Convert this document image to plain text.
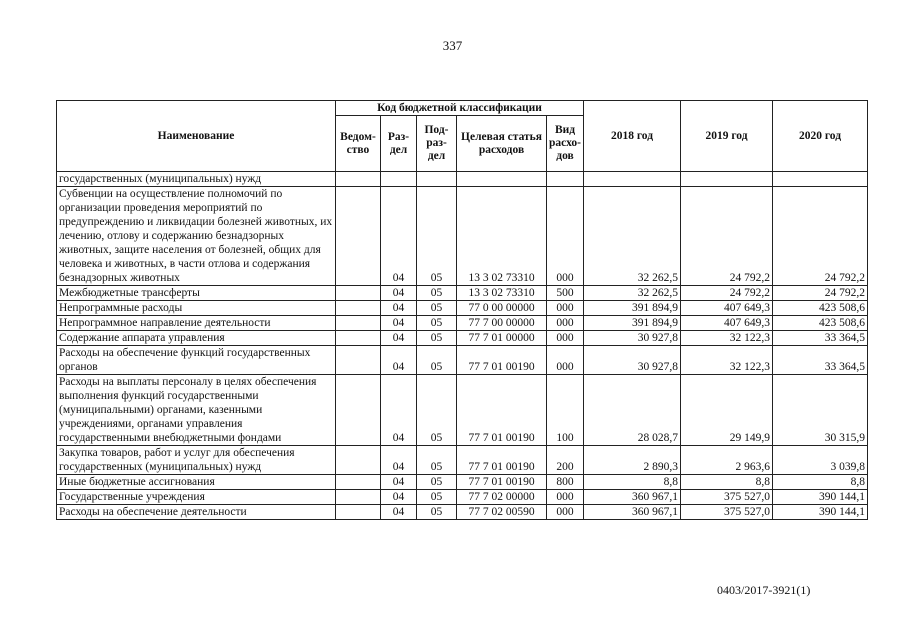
337
Наименование	Код бюджетной классификации					2018 год	2019 год	2020 год
	Ведом-ство	Раз-дел	Под-раз-дел	Целевая статья расходов	Вид расхо-дов			
государственных (муниципальных) нужд								
Субвенции на осуществление полномочий по организации проведения мероприятий по предупреждению и ликвидации болезней животных, их лечению, отлову и содержанию безнадзорных животных, защите населения от болезней, общих для человека и животных, в части отлова и содержания безнадзорных животных		04	05	13 3 02 73310	000	32 262,5	24 792,2	24 792,2
Межбюджетные трансферты		04	05	13 3 02 73310	500	32 262,5	24 792,2	24 792,2
Непрограммные расходы		04	05	77 0 00 00000	000	391 894,9	407 649,3	423 508,6
Непрограммное направление деятельности		04	05	77 7 00 00000	000	391 894,9	407 649,3	423 508,6
Содержание аппарата управления		04	05	77 7 01 00000	000	30 927,8	32 122,3	33 364,5
Расходы на обеспечение функций государственных органов		04	05	77 7 01 00190	000	30 927,8	32 122,3	33 364,5
Расходы на выплаты персоналу в целях обеспечения выполнения функций государственными (муниципальными) органами, казенными учреждениями, органами управления государственными внебюджетными фондами		04	05	77 7 01 00190	100	28 028,7	29 149,9	30 315,9
Закупка товаров, работ и услуг для обеспечения государственных (муниципальных) нужд		04	05	77 7 01 00190	200	2 890,3	2 963,6	3 039,8
Иные бюджетные ассигнования		04	05	77 7 01 00190	800	8,8	8,8	8,8
Государственные учреждения		04	05	77 7 02 00000	000	360 967,1	375 527,0	390 144,1
Расходы на обеспечение деятельности		04	05	77 7 02 00590	000	360 967,1	375 527,0	390 144,1
0403/2017-3921(1)
